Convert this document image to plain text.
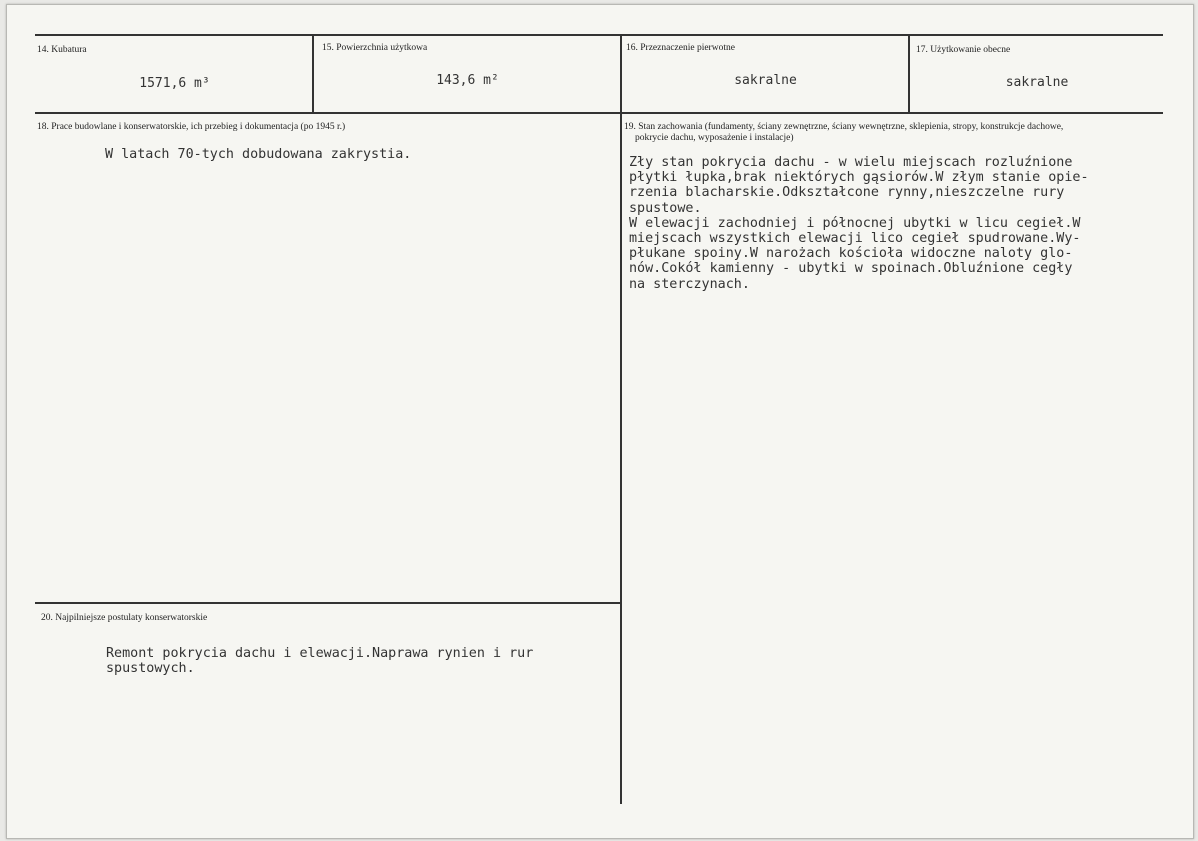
14. Kubatura
1571,6 m³
15. Powierzchnia użytkowa
143,6 m²
16. Przeznaczenie pierwotne
sakralne
17. Użytkowanie obecne
sakralne
18. Prace budowlane i konserwatorskie, ich przebieg i dokumentacja (po 1945 r.)
W latach 70-tych dobudowana zakrystia.
19. Stan zachowania (fundamenty, ściany zewnętrzne, ściany wewnętrzne, sklepienia, stropy, konstrukcje dachowe,
pokrycie dachu, wyposażenie i instalacje)
Zły stan pokrycia dachu - w wielu miejscach rozluźnione
płytki łupka,brak niektórych gąsiorów.W złym stanie opie-
rzenia blacharskie.Odkształcone rynny,nieszczelne rury
spustowe.
W elewacji zachodniej i północnej ubytki w licu cegieł.W
miejscach wszystkich elewacji lico cegieł spudrowane.Wy-
płukane spoiny.W narożach kościoła widoczne naloty glo-
nów.Cokół kamienny - ubytki w spoinach.Obluźnione cegły
na sterczynach.
20. Najpilniejsze postulaty konserwatorskie
Remont pokrycia dachu i elewacji.Naprawa rynien i rur
spustowych.
